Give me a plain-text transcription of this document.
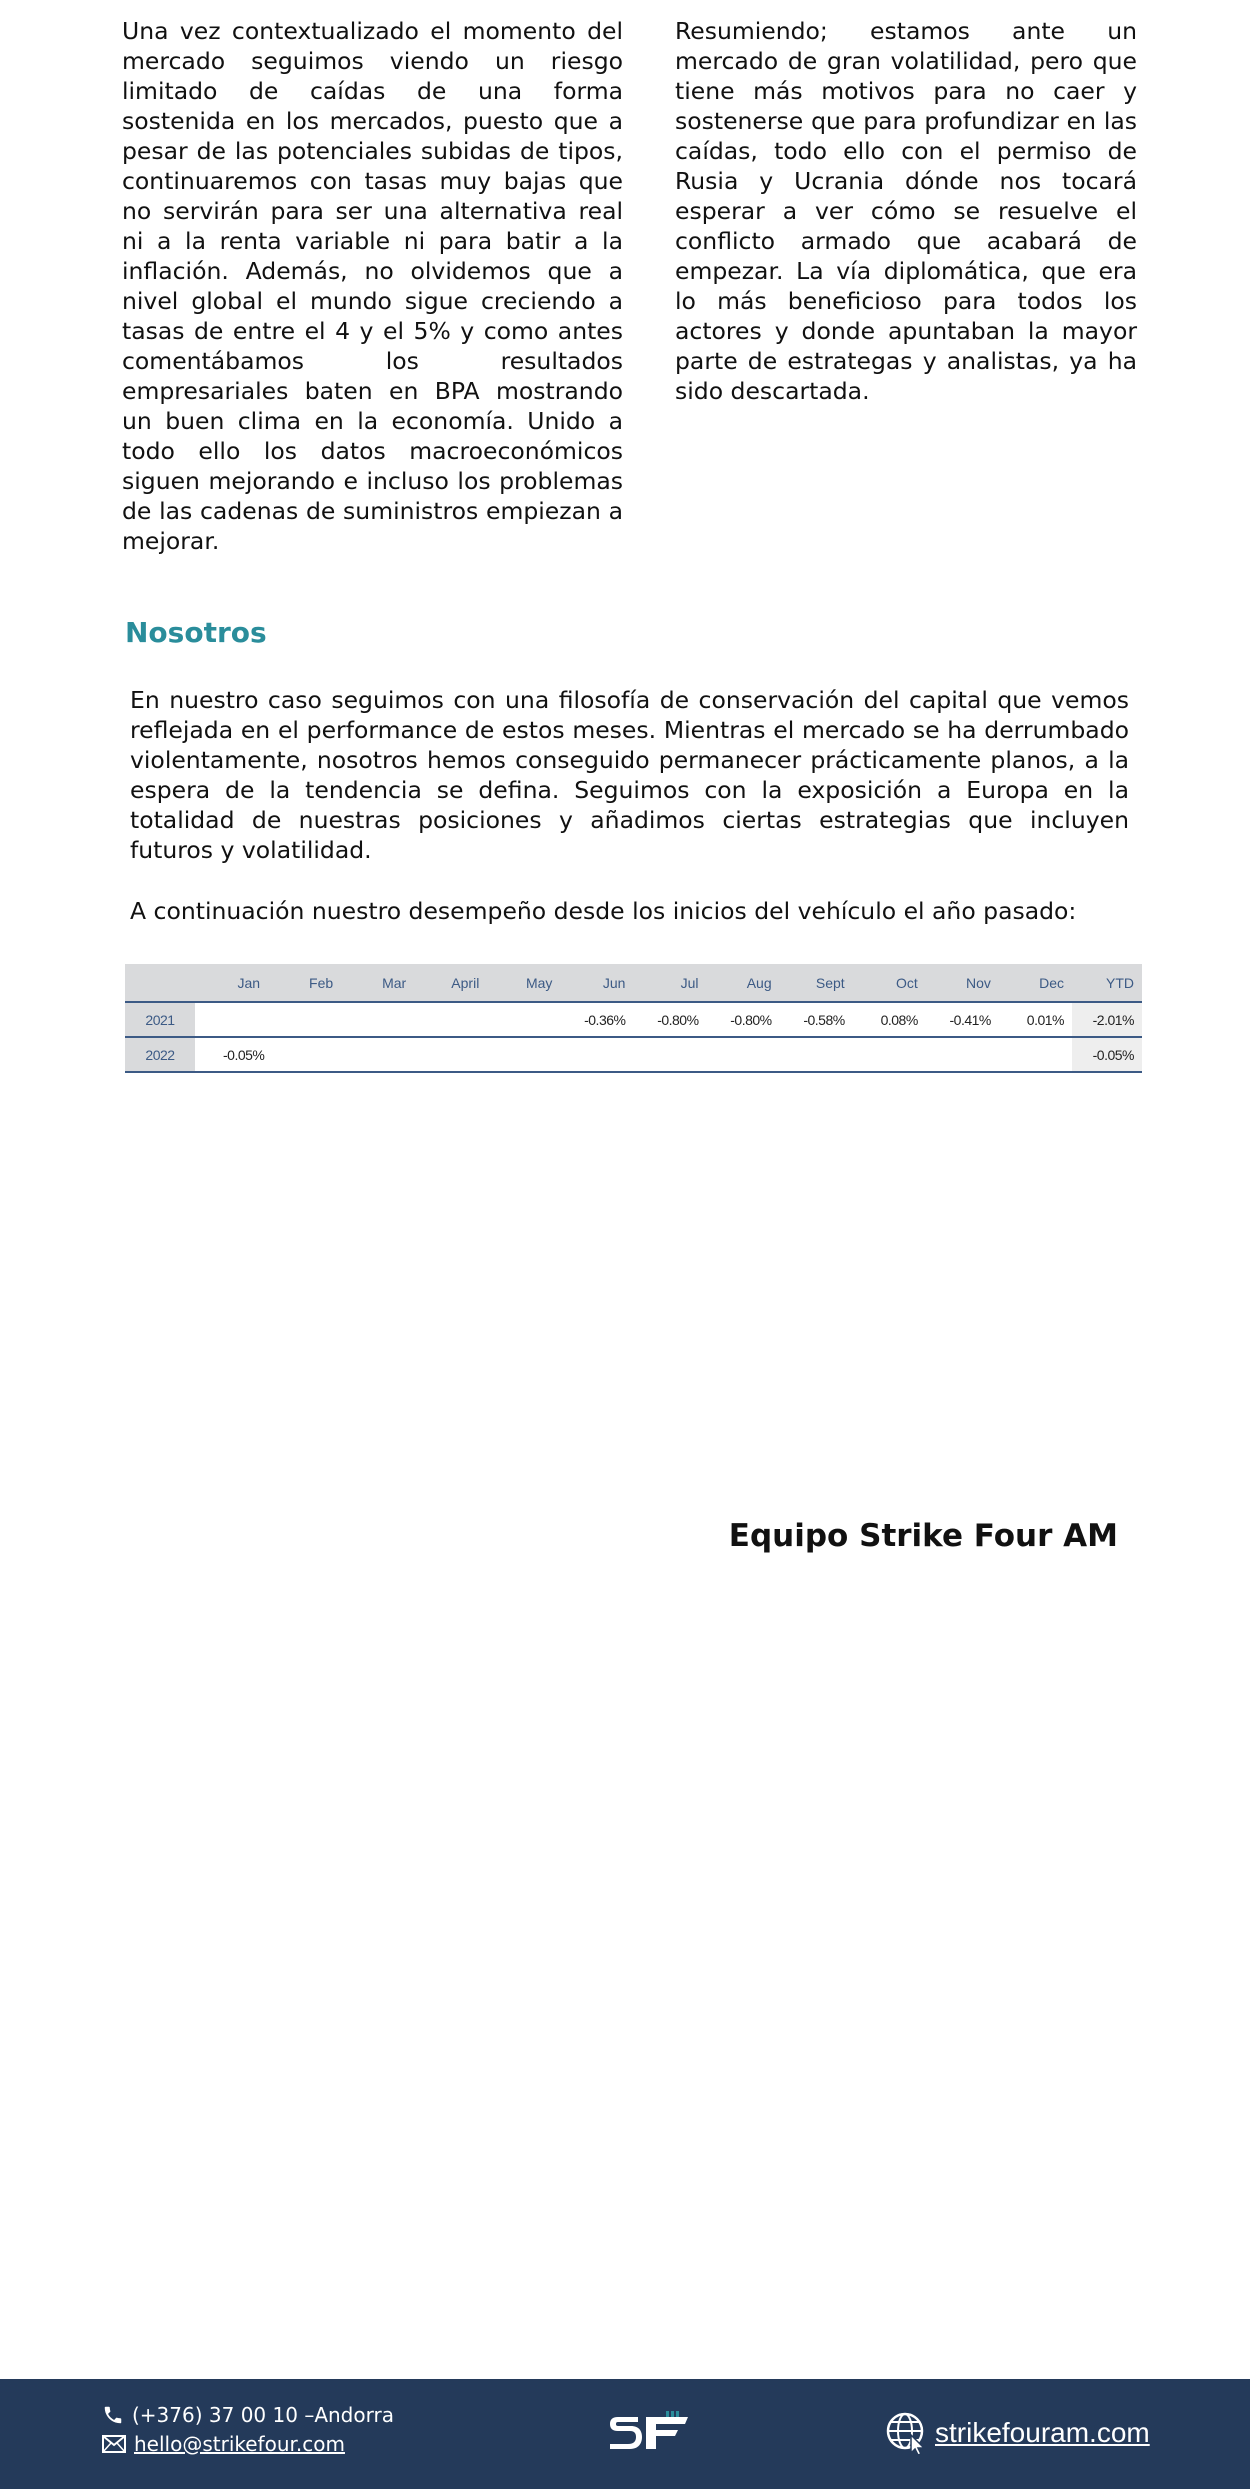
Una vez contextualizado el momento del mercado seguimos viendo un riesgo limitado de caídas de una forma sostenida en los mercados, puesto que a pesar de las potenciales subidas de tipos, continuaremos con tasas muy bajas que no servirán para ser una alternativa real ni a la renta variable ni para batir a la inflación. Además, no olvidemos que a nivel global el mundo sigue creciendo a tasas de entre el 4 y el 5% y como antes comentábamos los resultados empresariales baten en BPA mostrando un buen clima en la economía. Unido a todo ello los datos macroeconómicos siguen mejorando e incluso los problemas de las cadenas de suministros empiezan a mejorar.

Resumiendo; estamos ante un mercado de gran volatilidad, pero que tiene más motivos para no caer y sostenerse que para profundizar en las caídas, todo ello con el permiso de Rusia y Ucrania dónde nos tocará esperar a ver cómo se resuelve el conflicto armado que acabará de empezar. La vía diplomática, que era lo más beneficioso para todos los actores y donde apuntaban la mayor parte de estrategas y analistas, ya ha sido descartada.

Nosotros

En nuestro caso seguimos con una filosofía de conservación del capital que vemos reflejada en el performance de estos meses. Mientras el mercado se ha derrumbado violentamente, nosotros hemos conseguido permanecer prácticamente planos, a la espera de la tendencia se defina. Seguimos con la exposición a Europa en la totalidad de nuestras posiciones y añadimos ciertas estrategias que incluyen futuros y volatilidad.

A continuación nuestro desempeño desde los inicios del vehículo el año pasado:

	Jan	Feb	Mar	April	May	Jun	Jul	Aug	Sept	Oct	Nov	Dec	YTD
2021						-0.36%	-0.80%	-0.80%	-0.58%	0.08%	-0.41%	0.01%	-2.01%
2022	-0.05%												-0.05%

Equipo Strike Four AM

(+376) 37 00 10 –Andorra
hello@strikefour.com	strikefouram.com
